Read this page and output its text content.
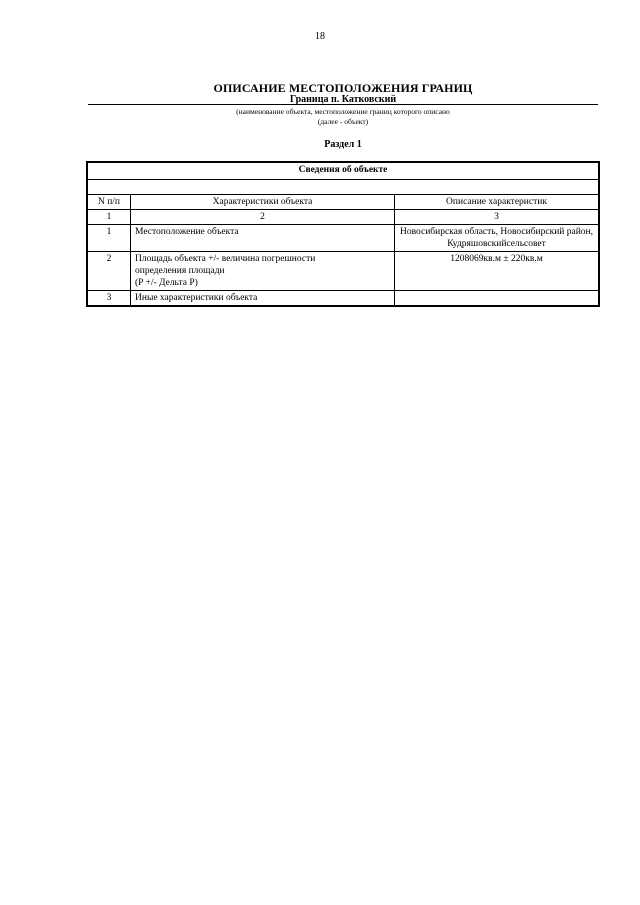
18
ОПИСАНИЕ МЕСТОПОЛОЖЕНИЯ ГРАНИЦ
Граница п. Катковский
(наименование объекта, местоположение границ которого описано
(далее - объект)
Раздел 1
Сведения об объекте		

N п/п	Характеристики объекта	Описание характеристик
1	2	3
1	Местоположение объекта	Новосибирская область, Новосибирский район, Кудряшовскийсельсовет
2	Площадь объекта +/- величина погрешности
определения площади
(P +/- Дельта P)	1208069кв.м ± 220кв.м
3	Иные характеристики объекта	
